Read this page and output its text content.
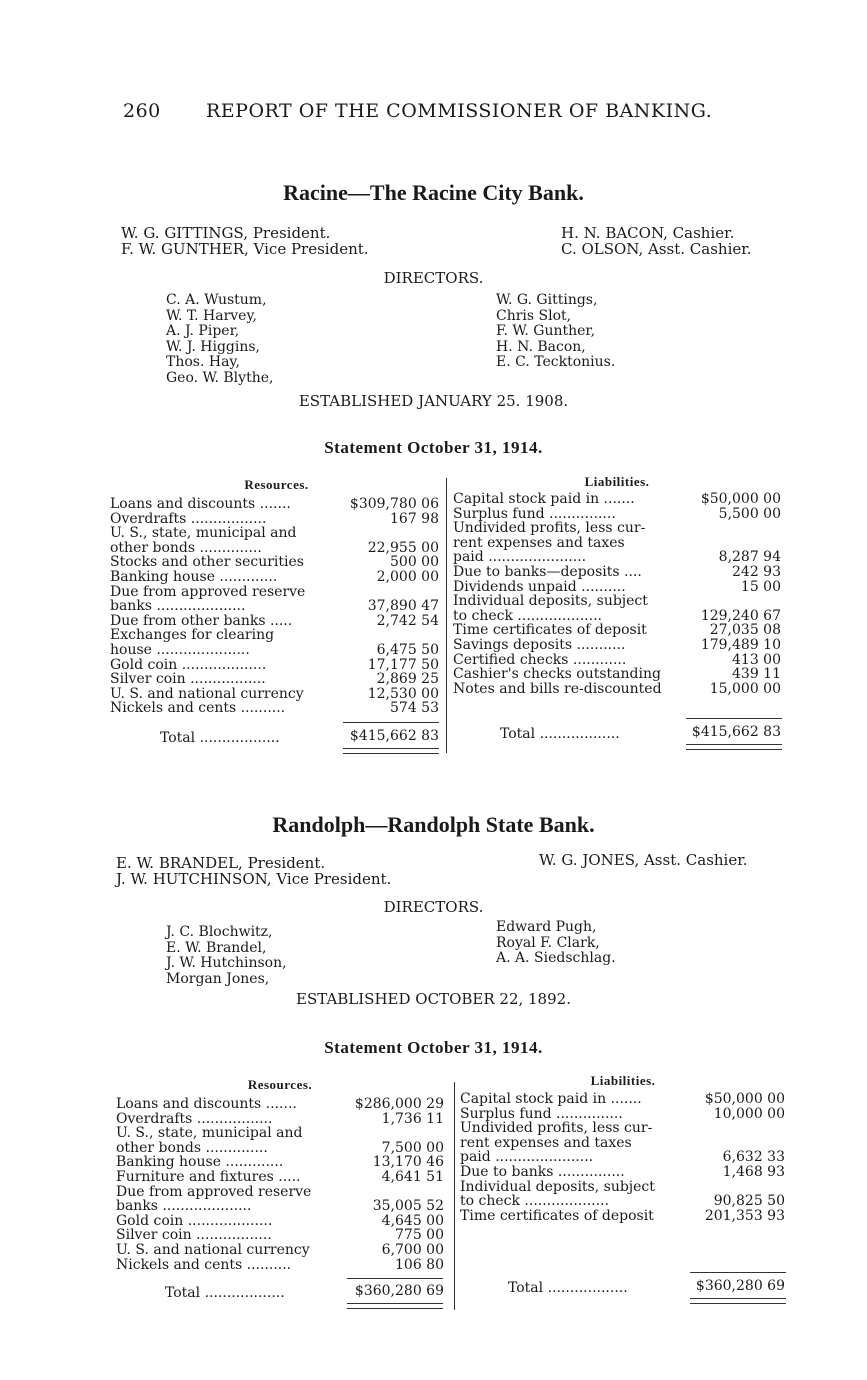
260 REPORT OF THE COMMISSIONER OF BANKING.
Racine—The Racine City Bank.
W. G. GITTINGS, President.
F. W. GUNTHER, Vice President.
H. N. BACON, Cashier.
C. OLSON, Asst. Cashier.
DIRECTORS.
C. A. Wustum,
W. T. Harvey,
A. J. Piper,
W. J. Higgins,
Thos. Hay,
Geo. W. Blythe,
W. G. Gittings,
Chris Slot,
F. W. Gunther,
H. N. Bacon,
E. C. Tecktonius.
ESTABLISHED JANUARY 25. 1908.
Statement October 31, 1914.
Resources.	Liabilities.
Loans and discounts .......	$309,780 06
Overdrafts .................	167 98
U. S., state, municipal and
other bonds ..............	22,955 00
Stocks and other securities	500 00
Banking house .............	2,000 00
Due from approved reserve
banks ....................	37,890 47
Due from other banks .....	2,742 54
Exchanges for clearing
house .....................	6,475 50
Gold coin ...................	17,177 50
Silver coin .................	2,869 25
U. S. and national currency	12,530 00
Nickels and cents ..........	574 53
Capital stock paid in .......	$50,000 00
Surplus fund ...............	5,500 00
Undivided profits, less cur-
rent expenses and taxes
paid ......................	8,287 94
Due to banks—deposits ....	242 93
Dividends unpaid ..........	15 00
Individual deposits, subject
to check ...................	129,240 67
Time certificates of deposit	27,035 08
Savings deposits ...........	179,489 10
Certified checks ............	413 00
Cashier's checks outstanding	439 11
Notes and bills re-discounted	15,000 00
Total ..................	$415,662 83	Total ..................	$415,662 83
Randolph—Randolph State Bank.
E. W. BRANDEL, President.
J. W. HUTCHINSON, Vice President.
W. G. JONES, Asst. Cashier.
DIRECTORS.
J. C. Blochwitz,
E. W. Brandel,
J. W. Hutchinson,
Morgan Jones,
Edward Pugh,
Royal F. Clark,
A. A. Siedschlag.
ESTABLISHED OCTOBER 22, 1892.
Statement October 31, 1914.
Resources.	Liabilities.
Loans and discounts .......	$286,000 29
Overdrafts .................	1,736 11
U. S., state, municipal and
other bonds ..............	7,500 00
Banking house .............	13,170 46
Furniture and fixtures .....	4,641 51
Due from approved reserve
banks ....................	35,005 52
Gold coin ...................	4,645 00
Silver coin .................	775 00
U. S. and national currency	6,700 00
Nickels and cents ..........	106 80
Capital stock paid in .......	$50,000 00
Surplus fund ...............	10,000 00
Undivided profits, less cur-
rent expenses and taxes
paid ......................	6,632 33
Due to banks ...............	1,468 93
Individual deposits, subject
to check ...................	90,825 50
Time certificates of deposit	201,353 93
Total ..................	$360,280 69	Total ..................	$360,280 69
